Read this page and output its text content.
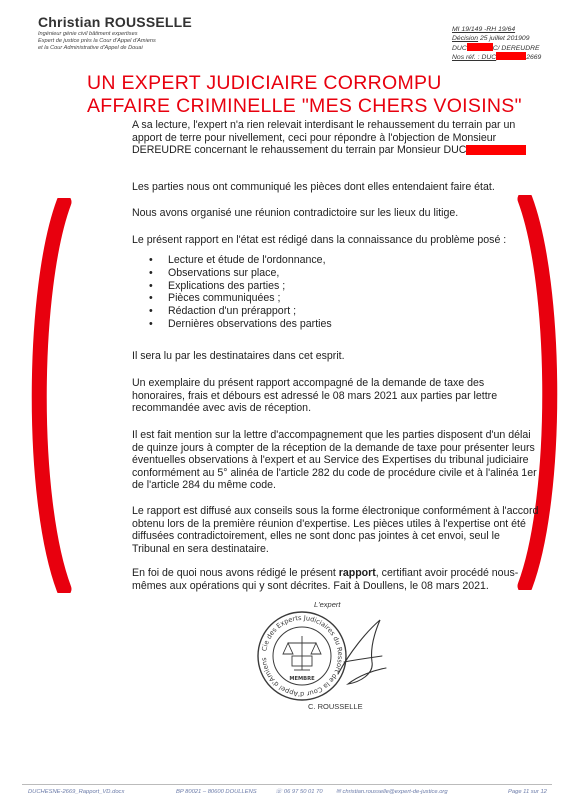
Christian ROUSSELLE
Ingénieur génie civil bâtiment expertises
Expert de justice près la Cour d'Appel d'Amiens
et la Cour Administrative d'Appel de Douai
MI 19/149 -RH 19/64
Décision 25 juillet 201909
DUC	C/ DEREUDRE
Nos réf. : DUC	2669
UN EXPERT JUDICIAIRE CORROMPU
AFFAIRE CRIMINELLE "MES CHERS VOISINS"
A sa lecture, l'expert n'a rien relevait interdisant le rehaussement du terrain par un apport de terre pour nivellement, ceci pour répondre à l'objection de Monsieur DEREUDRE concernant le rehaussement du terrain par Monsieur DUC
Les parties nous ont communiqué les pièces dont elles entendaient faire état.
Nous avons organisé une réunion contradictoire sur les lieux du litige.
Le présent rapport en l'état est rédigé dans la connaissance du problème posé :
• Lecture et étude de l'ordonnance,
• Observations sur place,
• Explications des parties ;
• Pièces communiquées ;
• Rédaction d'un prérapport ;
• Dernières observations des parties
Il sera lu par les destinataires dans cet esprit.
Un exemplaire du présent rapport accompagné de la demande de taxe des honoraires, frais et débours est adressé le 08 mars 2021 aux parties par lettre recommandée avec avis de réception.
Il est fait mention sur la lettre d'accompagnement que les parties disposent d'un délai de quinze jours à compter de la réception de la demande de taxe pour présenter leurs éventuelles observations à l'expert et au Service des Expertises du tribunal judiciaire conformément au 5° alinéa de l'article 282 du code de procédure civile et à l'alinéa 1er de l'article 284 du même code.
Le rapport est diffusé aux conseils sous la forme électronique conformément à l'accord obtenu lors de la première réunion d'expertise. Les pièces utiles à l'expertise ont été diffusées contradictoirement, elles ne sont donc pas jointes à cet envoi, seul le Tribunal en sera destinataire.
En foi de quoi nous avons rédigé le présent rapport, certifiant avoir procédé nous-mêmes aux opérations qui y sont décrites. Fait à Doullens, le 08 mars 2021.
L'expert
Cie des Experts Judiciaires du Ressort de la Cour d'Appel d'Amiens
MEMBRE
C. ROUSSELLE
DUCHESNE-2669_Rapport_VD.docx	BP 80021 – 80600 DOULLENS	☏ 06 97 50 01 70 ✉ christian.rousselle@expert-de-justice.org	Page 11 sur 12
